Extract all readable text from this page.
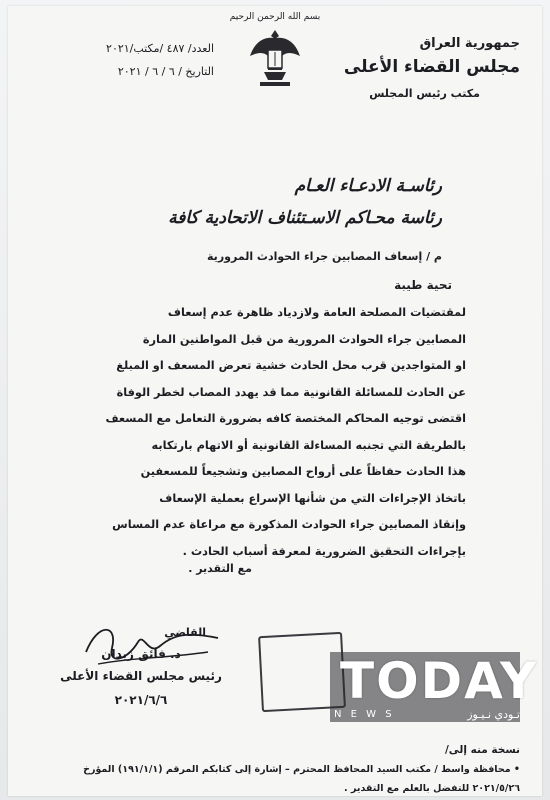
بسم الله الرحمن الرحيم
جمهورية العراق
مجلس القضاء الأعلى
مكتب رئيس المجلس
العدد/ ٤٨٧ /مكتب/٢٠٢١
التاريخ / ٦ / ٦ / ٢٠٢١
رئاسـة الادعـاء العـام
رئاسة محـاكم الاسـتئناف الاتحادية كافة
م / إسعاف المصابين جراء الحوادث المرورية
تحية طيبة

لمقتضيات المصلحة العامة ولازدياد ظاهرة عدم إسعاف

المصابين جراء الحوادث المرورية من قبل المواطنين المارة

او المتواجدين قرب محل الحادث خشية تعرض المسعف او المبلغ

عن الحادث للمسائلة القانونية مما قد يهدد المصاب لخطر الوفاة

اقتضى توجيه المحاكم المختصة كافه بضرورة التعامل مع المسعف

بالطريقة التي تجنبه المساءلة القانونية أو الاتهام بارتكابه

هذا الحادث حفاظاً على أرواح المصابين وتشجيعاً للمسعفين

باتخاذ الإجراءات التي من شأنها الإسراع بعملية الإسعاف

وإنقاذ المصابين جراء الحوادث المذكورة مع مراعاة عدم المساس

بإجراءات التحقيق الضرورية لمعرفة أسباب الحادث .

مع التقدير .
القاضي
د. فائق زيدان
رئيس مجلس القضاء الأعلى
٢٠٢١/٦/٦	TODAY
N E W S	تـودي نـيـوز
نسخة منه إلى/
• محافظة واسط / مكتب السيد المحافظ المحترم – إشارة إلى كتابكم المرقم (١٩١/١/١) المؤرخ
٢٠٢١/٥/٢٦ للتفضل بالعلم مع التقدير .
